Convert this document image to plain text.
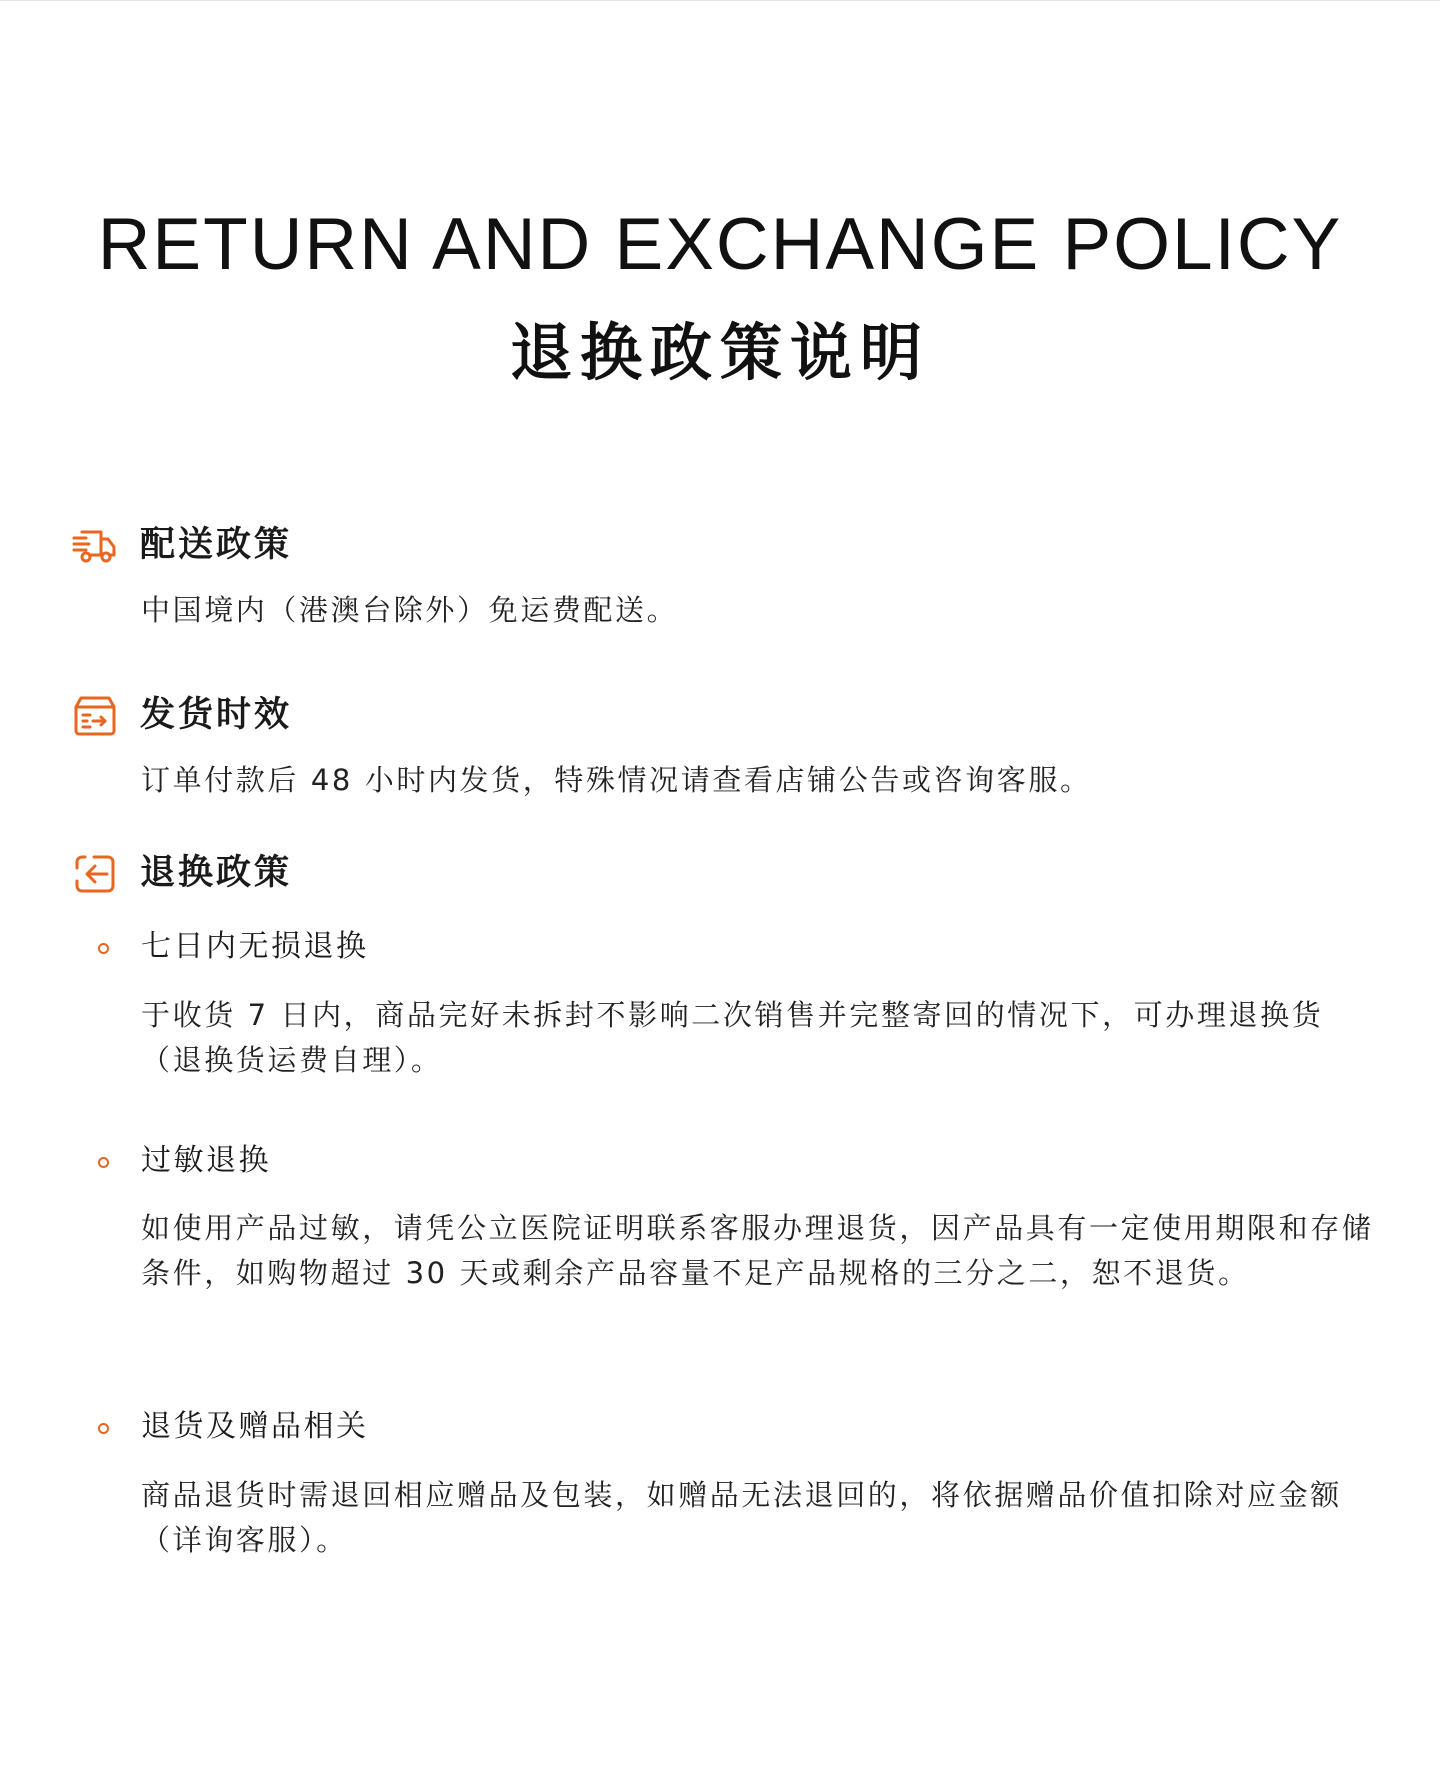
RETURN AND EXCHANGE POLICY
退换政策说明
配送政策

中国境内（港澳台除外）免运费配送。

发货时效

订单付款后 48 小时内发货，特殊情况请查看店铺公告或咨询客服。

退换政策
七日内无损退换

于收货 7 日内，商品完好未拆封不影响二次销售并完整寄回的情况下，可办理退换货（退换货运费自理）。

过敏退换

如使用产品过敏，请凭公立医院证明联系客服办理退货，因产品具有一定使用期限和存储条件，如购物超过 30 天或剩余产品容量不足产品规格的三分之二，恕不退货。

退货及赠品相关

商品退货时需退回相应赠品及包装，如赠品无法退回的，将依据赠品价值扣除对应金额（详询客服）。
